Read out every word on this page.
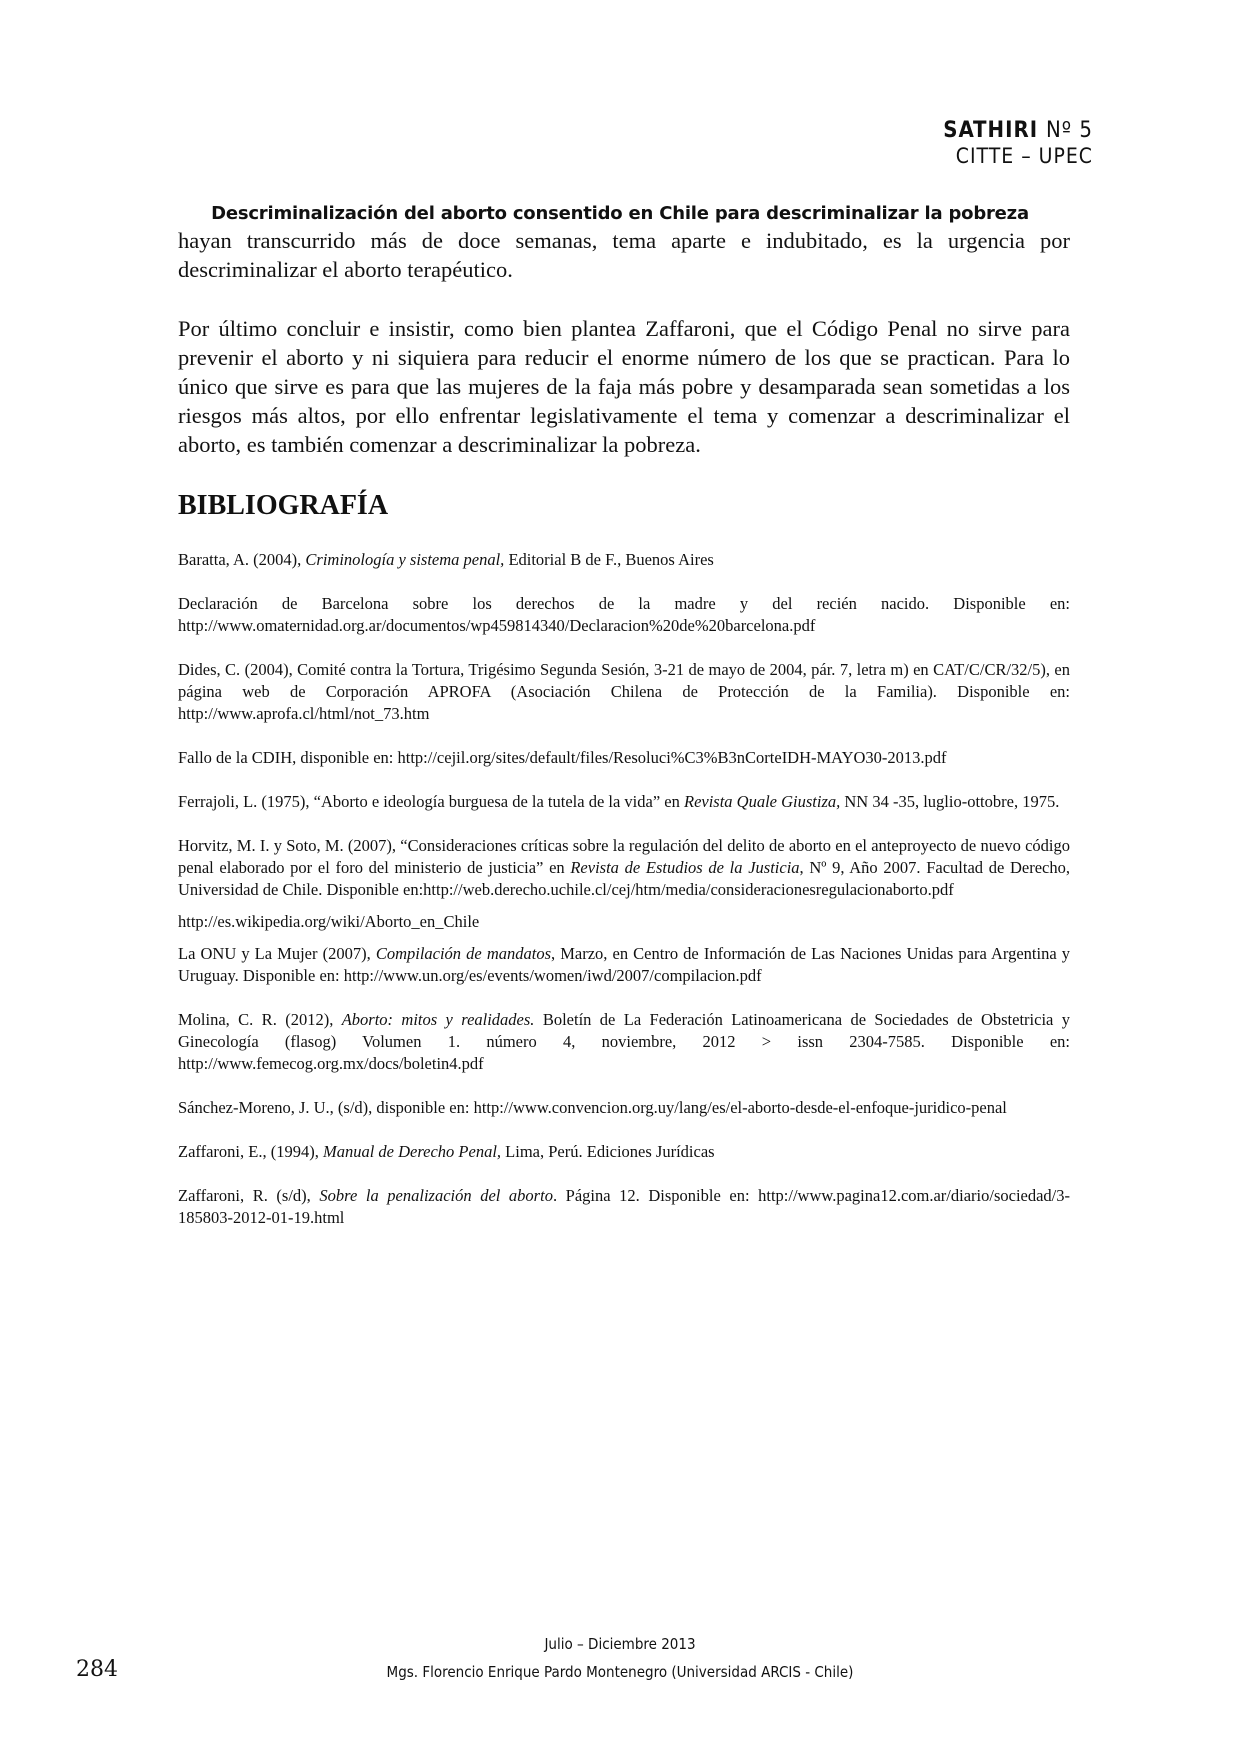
SATHIRI Nº 5
CITTE – UPEC
Descriminalización del aborto consentido en Chile para descriminalizar la pobreza

hayan transcurrido más de doce semanas, tema aparte e indubitado, es la urgencia por descriminalizar el aborto terapéutico.

Por último concluir e insistir, como bien plantea Zaffaroni, que el Código Penal no sirve para prevenir el aborto y ni siquiera para reducir el enorme número de los que se practican. Para lo único que sirve es para que las mujeres de la faja más pobre y desamparada sean sometidas a los riesgos más altos, por ello enfrentar legislativamente el tema y comenzar a descriminalizar el aborto, es también comenzar a descriminalizar la pobreza.

BIBLIOGRAFÍA

Baratta, A. (2004), Criminología y sistema penal, Editorial B de F., Buenos Aires

Declaración de Barcelona sobre los derechos de la madre y del recién nacido. Disponible en: http://www.omaternidad.org.ar/documentos/wp459814340/Declaracion%20de%20barcelona.pdf

Dides, C. (2004), Comité contra la Tortura, Trigésimo Segunda Sesión, 3-21 de mayo de 2004, pár. 7, letra m) en CAT/C/CR/32/5), en página web de Corporación APROFA (Asociación Chilena de Protección de la Familia). Disponible en: http://www.aprofa.cl/html/not_73.htm

Fallo de la CDIH, disponible en: http://cejil.org/sites/default/files/Resoluci%C3%B3nCorteIDH-MAYO30-2013.pdf

Ferrajoli, L. (1975), “Aborto e ideología burguesa de la tutela de la vida” en Revista Quale Giustiza, NN 34 -35, luglio-ottobre, 1975.

Horvitz, M. I. y Soto, M. (2007), “Consideraciones críticas sobre la regulación del delito de aborto en el anteproyecto de nuevo código penal elaborado por el foro del ministerio de justicia” en Revista de Estudios de la Justicia, Nº 9, Año 2007. Facultad de Derecho, Universidad de Chile. Disponible en:http://web.derecho.uchile.cl/cej/htm/media/consideracionesregulacionaborto.pdf

http://es.wikipedia.org/wiki/Aborto_en_Chile

La ONU y La Mujer (2007), Compilación de mandatos, Marzo, en Centro de Información de Las Naciones Unidas para Argentina y Uruguay. Disponible en: http://www.un.org/es/events/women/iwd/2007/compilacion.pdf

Molina, C. R. (2012), Aborto: mitos y realidades. Boletín de La Federación Latinoamericana de Sociedades de Obstetricia y Ginecología (flasog) Volumen 1. número 4, noviembre, 2012 > issn 2304-7585. Disponible en: http://www.femecog.org.mx/docs/boletin4.pdf

Sánchez-Moreno, J. U., (s/d), disponible en: http://www.convencion.org.uy/lang/es/el-aborto-desde-el-enfoque-juridico-penal

Zaffaroni, E., (1994), Manual de Derecho Penal, Lima, Perú. Ediciones Jurídicas

Zaffaroni, R. (s/d), Sobre la penalización del aborto. Página 12. Disponible en: http://www.pagina12.com.ar/diario/sociedad/3-185803-2012-01-19.html

Julio – Diciembre 2013
Mgs. Florencio Enrique Pardo Montenegro (Universidad ARCIS - Chile)
284
